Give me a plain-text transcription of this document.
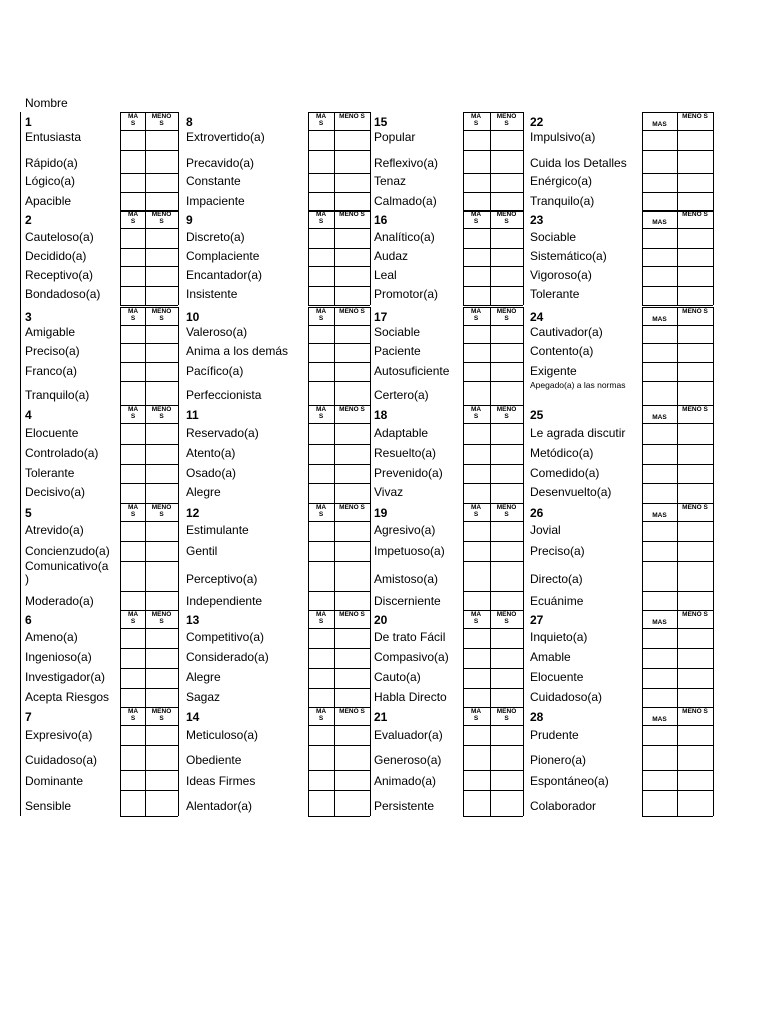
Nombre
1	MA S
MENO S
Entusiasta
Rápido(a)
Lógico(a)
Apacible
2	MA S
MENO S
Cauteloso(a)
Decidido(a)
Receptivo(a)
Bondadoso(a)
3	MA S
MENO S
Amigable
Preciso(a)
Franco(a)
Tranquilo(a)
4	MA S
MENO S
Elocuente
Controlado(a)
Tolerante
Decisivo(a)
5	MA S
MENO S
Atrevido(a)
Concienzudo(a)
Comunicativo(a
)
Moderado(a)
6	MA S
MENO S
Ameno(a)
Ingenioso(a)
Investigador(a)
Acepta Riesgos
7	MA S
MENO S
Expresivo(a)
Cuidadoso(a)
Dominante
Sensible
8	MA S
MENO S
Extrovertido(a)
Precavido(a)
Constante
Impaciente
9	MA S
MENO S
Discreto(a)
Complaciente
Encantador(a)
Insistente
10	MA S
MENO S
Valeroso(a)
Anima a los demás
Pacífico(a)
Perfeccionista
11	MA S
MENO S
Reservado(a)
Atento(a)
Osado(a)
Alegre
12	MA S
MENO S
Estimulante
Gentil
Perceptivo(a)
Independiente
13	MA S
MENO S
Competitivo(a)
Considerado(a)
Alegre
Sagaz
14	MA S
MENO S
Meticuloso(a)
Obediente
Ideas Firmes
Alentador(a)
15	MA S
MENO S
Popular
Reflexivo(a)
Tenaz
Calmado(a)
16	MA S
MENO S
Analítico(a)
Audaz
Leal
Promotor(a)
17	MA S
MENO S
Sociable
Paciente
Autosuficiente
Certero(a)
18	MA S
MENO S
Adaptable
Resuelto(a)
Prevenido(a)
Vivaz
19	MA S
MENO S
Agresivo(a)
Impetuoso(a)
Amistoso(a)
Discerniente
20	MA S
MENO S
De trato Fácil
Compasivo(a)
Cauto(a)
Habla Directo
21	MA S
MENO S
Evaluador(a)
Generoso(a)
Animado(a)
Persistente
22	MAS
MENO S
Impulsivo(a)
Cuida los Detalles
Enérgico(a)
Tranquilo(a)
23	MAS
MENO S
Sociable
Sistemático(a)
Vigoroso(a)
Tolerante
24	MAS
MENO S
Cautivador(a)
Contento(a)
Exigente
Apegado(a) a las normas
25	MAS
MENO S
Le agrada discutir
Metódico(a)
Comedido(a)
Desenvuelto(a)
26	MAS
MENO S
Jovial
Preciso(a)
Directo(a)
Ecuánime
27	MAS
MENO S
Inquieto(a)
Amable
Elocuente
Cuidadoso(a)
28	MAS
MENO S
Prudente
Pionero(a)
Espontáneo(a)
Colaborador
